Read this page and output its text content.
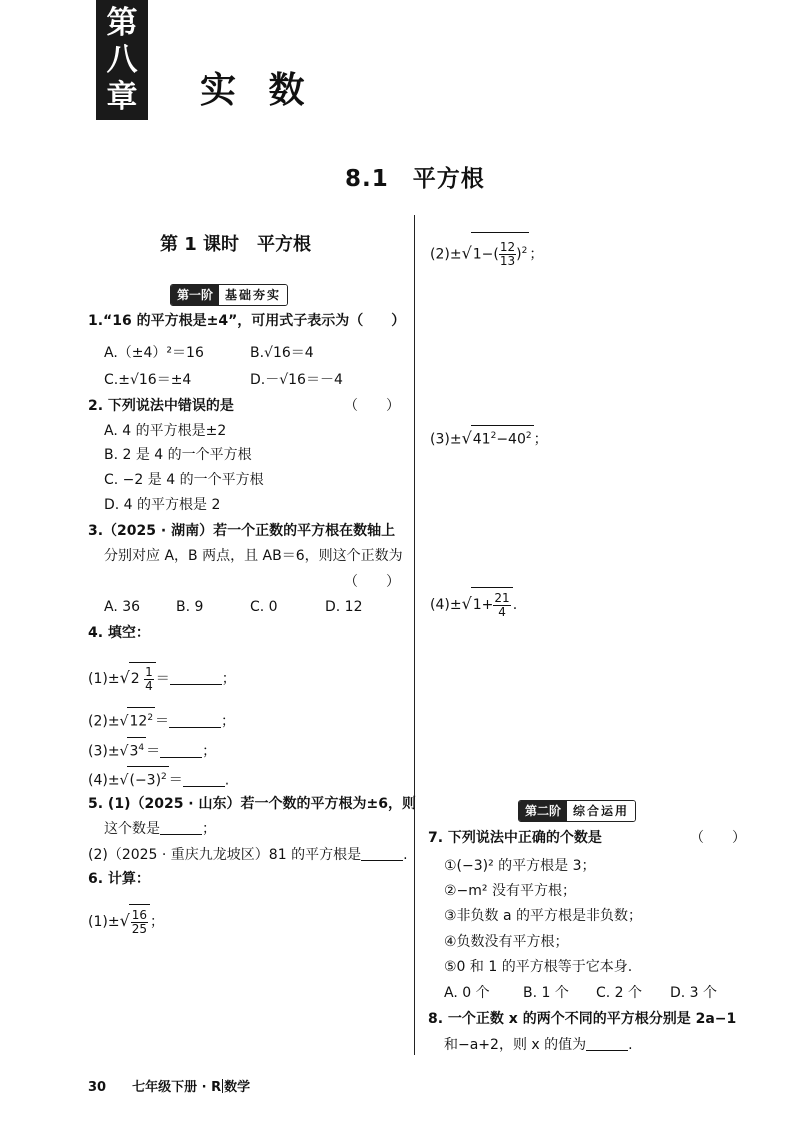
第
八
章 实 数
8.1　平方根
第 1 课时　平方根
第一阶	基础夯实
1.“16 的平方根是±4”，可用式子表示为（　　）
A.（±4）²＝16	B.√16＝4
C.±√16＝±4	D.－√16＝－4
2. 下列说法中错误的是	（　　）
A. 4 的平方根是±2
B. 2 是 4 的一个平方根
C. −2 是 4 的一个平方根
D. 4 的平方根是 2
3.（2025 · 湖南）若一个正数的平方根在数轴上
分别对应 A，B 两点，且 AB＝6，则这个正数为
（　　）
A. 36	B. 9	C. 0	D. 12
4. 填空：
$(1)\pm√2 \frac{1}{4}$ ＝	；
$(2)\pm√12^2$ ＝	；
$(3)\pm√3^4$ ＝	；
$(4)\pm√(-3)^2$ ＝	.
5. (1)（2025 · 山东）若一个数的平方根为±6，则
这个数是	；
(2)（2025 · 重庆九龙坡区）81 的平方根是	.
6. 计算：
$(1)\pm√ \frac{16}{25}$ ；
$(2)\pm√1-( \frac{12}{13} )^2$ ；
$(3)\pm√41^2-40^2$ ；
$(4)\pm√1+ \frac{21}{4}$ .
第二阶	综合运用
7. 下列说法中正确的个数是	（　　）
①(−3)² 的平方根是 3；
②−m² 没有平方根；
③非负数 a 的平方根是非负数；
④负数没有平方根；
⑤0 和 1 的平方根等于它本身.
A. 0 个 B. 1 个 C. 2 个 D. 3 个
8. 一个正数 x 的两个不同的平方根分别是 2a−1
和−a+2，则 x 的值为	.
30 七年级下册 · R 数学
